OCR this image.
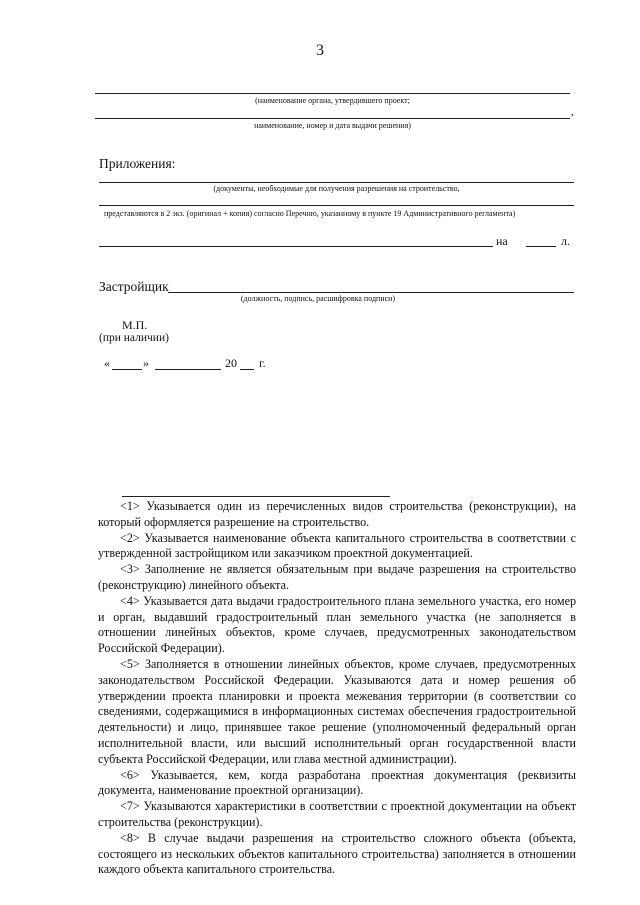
3
(наименование органа, утвердившего проект;
,
наименование, номер и дата выдачи решения)
Приложения:
(документы, необходимые для получения разрешения на строительство,
представляются в 2 экз. (оригинал + копия) согласно Перечню, указанному в пункте 19 Административного регламента)
на	л.
Застройщик
(должность, подпись, расшифровка подписи)
М.П.
(при наличии)
«	»	20 г.

<1> Указывается один из перечисленных видов строительства (реконструкции), на который оформляется разрешение на строительство.

<2> Указывается наименование объекта капитального строительства в соответствии с утвержденной застройщиком или заказчиком проектной документацией.

<3> Заполнение не является обязательным при выдаче разрешения на строительство (реконструкцию) линейного объекта.

<4> Указывается дата выдачи градостроительного плана земельного участка, его номер и орган, выдавший градостроительный план земельного участка (не заполняется в отношении линейных объектов, кроме случаев, предусмотренных законодательством Российской Федерации).

<5> Заполняется в отношении линейных объектов, кроме случаев, предусмотренных законодательством Российской Федерации. Указываются дата и номер решения об утверждении проекта планировки и проекта межевания территории (в соответствии со сведениями, содержащимися в информационных системах обеспечения градостроительной деятельности) и лицо, принявшее такое решение (уполномоченный федеральный орган исполнительной власти, или высший исполнительный орган государственной власти субъекта Российской Федерации, или глава местной администрации).

<6> Указывается, кем, когда разработана проектная документация (реквизиты документа, наименование проектной организации).

<7> Указываются характеристики в соответствии с проектной документации на объект строительства (реконструкции).

<8> В случае выдачи разрешения на строительство сложного объекта (объекта, состоящего из нескольких объектов капитального строительства) заполняется в отношении каждого объекта капитального строительства.
